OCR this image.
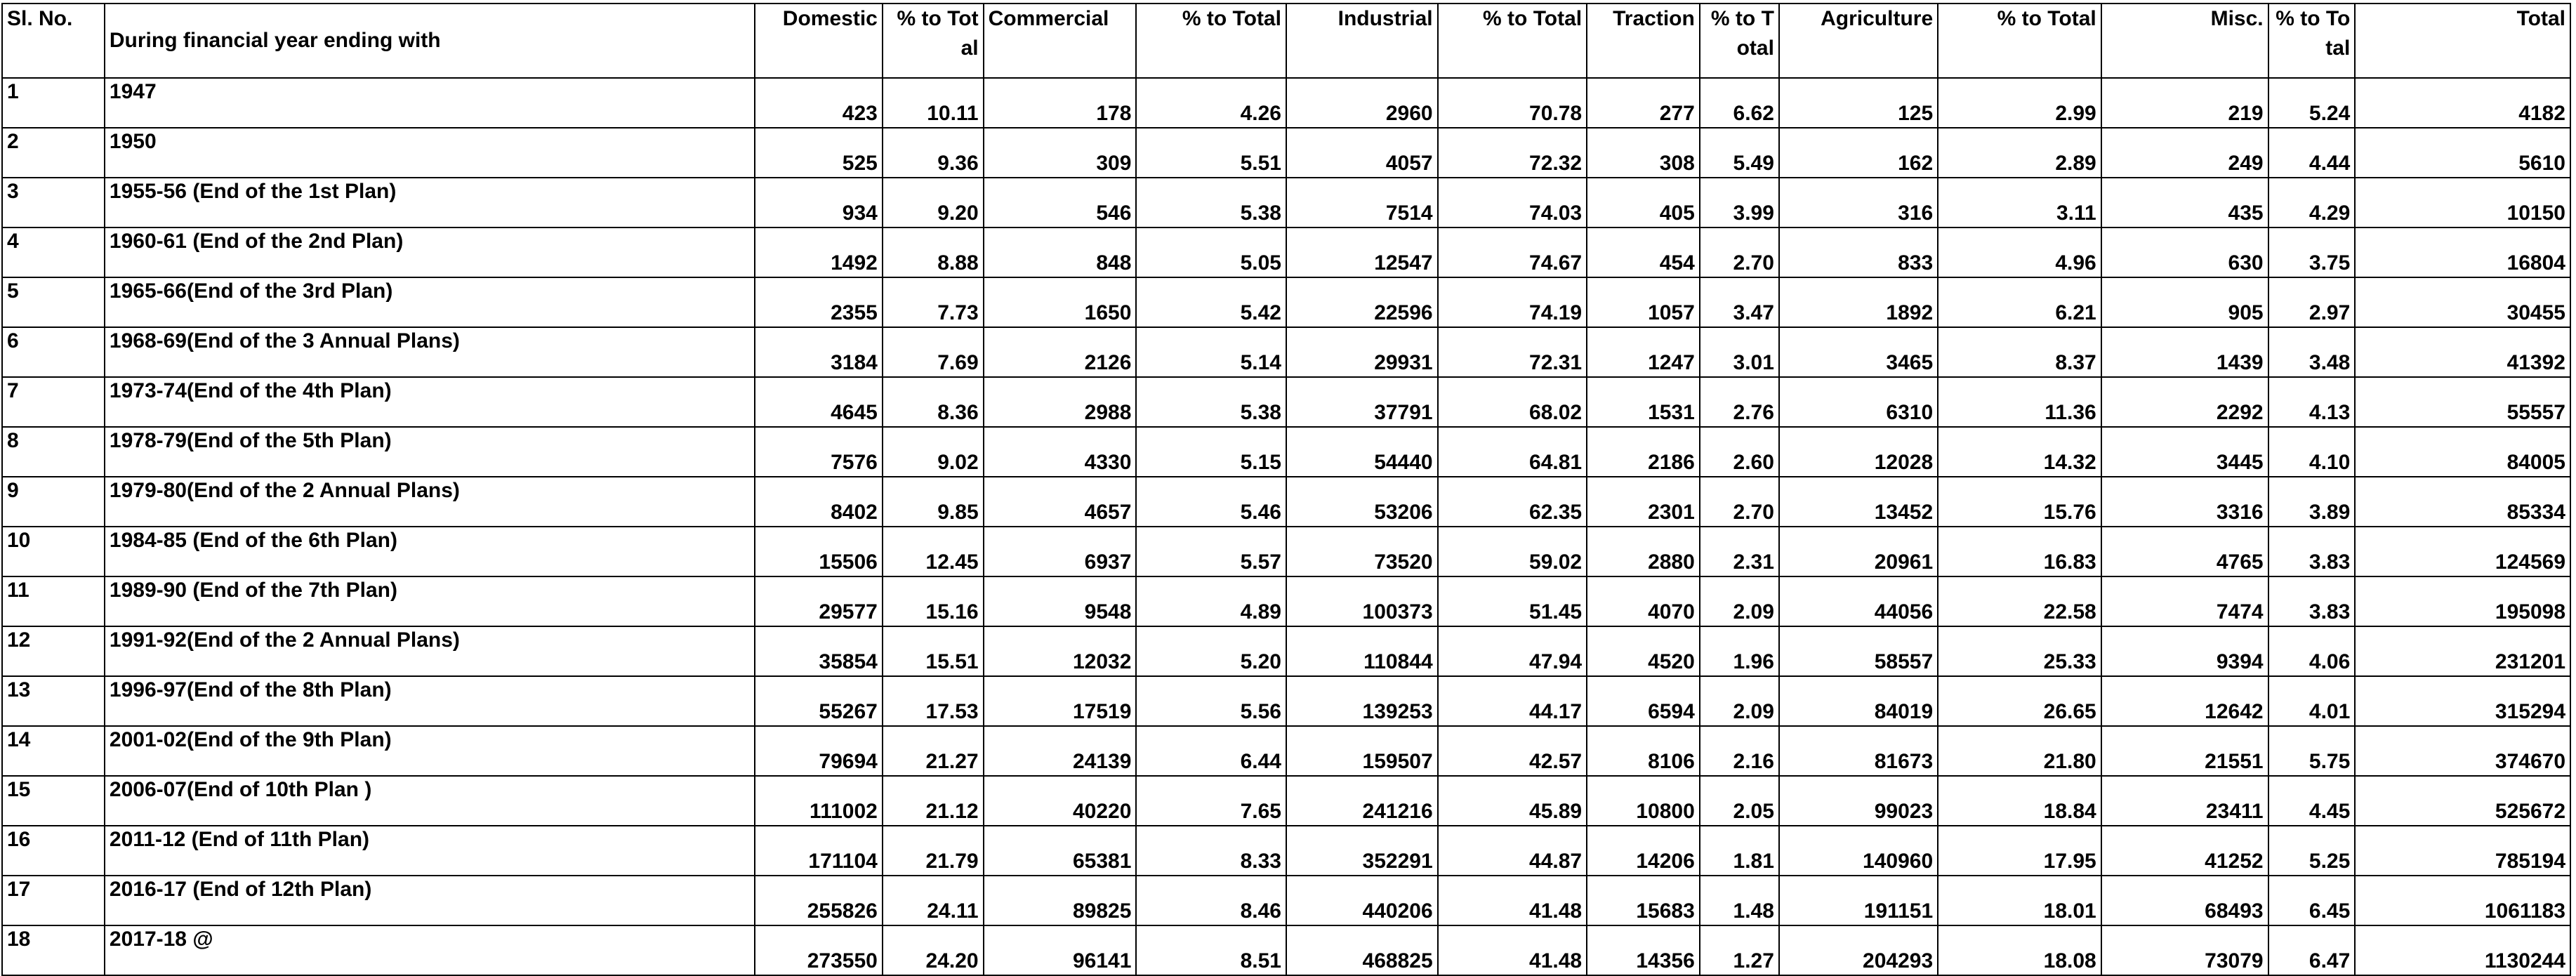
Sl. No.	During financial year ending with	Domestic	% to Total	Commercial	% to Total	Industrial	% to Total	Traction	% to Total	Agriculture	% to Total	Misc.	% to Total	Total
1	1947	423	10.11	178	4.26	2960	70.78	277	6.62	125	2.99	219	5.24	4182
2	1950	525	9.36	309	5.51	4057	72.32	308	5.49	162	2.89	249	4.44	5610
3	1955-56 (End of the 1st Plan)	934	9.20	546	5.38	7514	74.03	405	3.99	316	3.11	435	4.29	10150
4	1960-61 (End of the 2nd Plan)	1492	8.88	848	5.05	12547	74.67	454	2.70	833	4.96	630	3.75	16804
5	1965-66(End of the 3rd Plan)	2355	7.73	1650	5.42	22596	74.19	1057	3.47	1892	6.21	905	2.97	30455
6	1968-69(End of the 3 Annual Plans)	3184	7.69	2126	5.14	29931	72.31	1247	3.01	3465	8.37	1439	3.48	41392
7	1973-74(End of the 4th Plan)	4645	8.36	2988	5.38	37791	68.02	1531	2.76	6310	11.36	2292	4.13	55557
8	1978-79(End of the 5th Plan)	7576	9.02	4330	5.15	54440	64.81	2186	2.60	12028	14.32	3445	4.10	84005
9	1979-80(End of the 2 Annual Plans)	8402	9.85	4657	5.46	53206	62.35	2301	2.70	13452	15.76	3316	3.89	85334
10	1984-85 (End of the 6th Plan)	15506	12.45	6937	5.57	73520	59.02	2880	2.31	20961	16.83	4765	3.83	124569
11	1989-90 (End of the 7th Plan)	29577	15.16	9548	4.89	100373	51.45	4070	2.09	44056	22.58	7474	3.83	195098
12	1991-92(End of the 2 Annual Plans)	35854	15.51	12032	5.20	110844	47.94	4520	1.96	58557	25.33	9394	4.06	231201
13	1996-97(End of the 8th Plan)	55267	17.53	17519	5.56	139253	44.17	6594	2.09	84019	26.65	12642	4.01	315294
14	2001-02(End of the 9th Plan)	79694	21.27	24139	6.44	159507	42.57	8106	2.16	81673	21.80	21551	5.75	374670
15	2006-07(End of 10th Plan )	111002	21.12	40220	7.65	241216	45.89	10800	2.05	99023	18.84	23411	4.45	525672
16	2011-12 (End of 11th Plan)	171104	21.79	65381	8.33	352291	44.87	14206	1.81	140960	17.95	41252	5.25	785194
17	2016-17 (End of 12th Plan)	255826	24.11	89825	8.46	440206	41.48	15683	1.48	191151	18.01	68493	6.45	1061183
18	2017-18 @	273550	24.20	96141	8.51	468825	41.48	14356	1.27	204293	18.08	73079	6.47	1130244
